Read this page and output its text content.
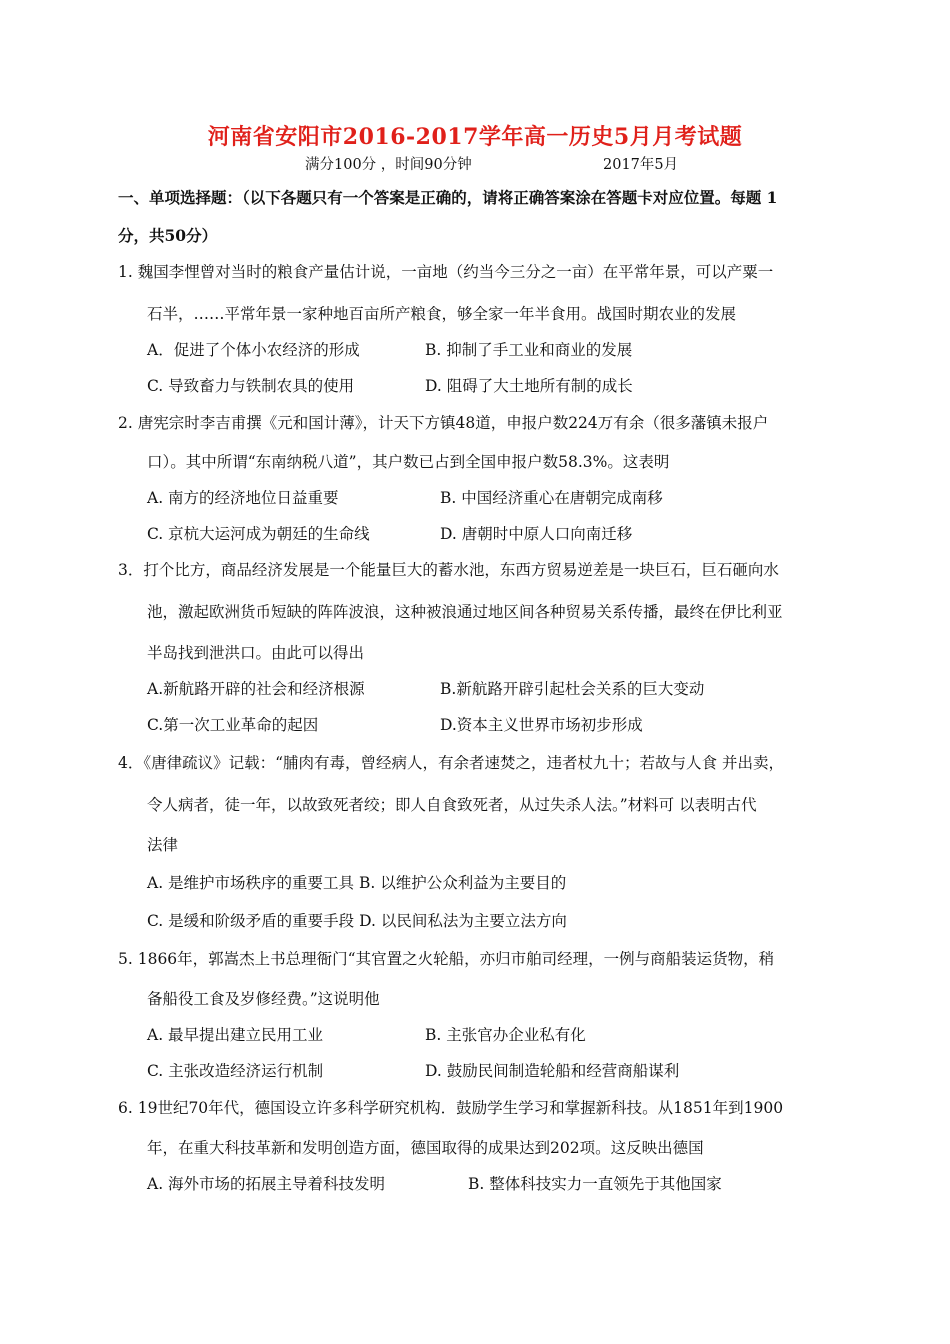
河南省安阳市2016-2017学年高一历史5月月考试题
满分100分 ，时间90分钟	2017年5月
一、单项选择题：（以下各题只有一个答案是正确的，请将正确答案涂在答题卡对应位置。每题 1
分，共50分）
1. 魏国李悝曾对当时的粮食产量估计说，一亩地（约当今三分之一亩）在平常年景，可以产粟一
石半，……平常年景一家种地百亩所产粮食，够全家一年半食用。战国时期农业的发展
A．促进了个体小农经济的形成	B. 抑制了手工业和商业的发展
C. 导致畜力与铁制农具的使用	D. 阻碍了大土地所有制的成长
2. 唐宪宗时李吉甫撰《元和国计薄》，计天下方镇48道，申报户数224万有余（很多藩镇未报户
口）。其中所谓“东南纳税八道”，其户数已占到全国申报户数58.3%。这表明
A. 南方的经济地位日益重要	B. 中国经济重心在唐朝完成南移
C. 京杭大运河成为朝廷的生命线	D. 唐朝时中原人口向南迁移
3．打个比方，商品经济发展是一个能量巨大的蓄水池，东西方贸易逆差是一块巨石，巨石砸向水
池，激起欧洲货币短缺的阵阵波浪，这种被浪通过地区间各种贸易关系传播，最终在伊比利亚
半岛找到泄洪口。由此可以得出
A.新航路开辟的社会和经济根源	B.新航路开辟引起杜会关系的巨大变动
C.第一次工业革命的起因	D.资本主义世界市场初步形成
4．《唐律疏议》记载：“脯肉有毒，曾经病人，有余者速焚之，违者杖九十；若故与人食 并出卖，
令人病者，徒一年，以故致死者绞；即人自食致死者，从过失杀人法。”材料可 以表明古代
法律
A. 是维护市场秩序的重要工具 B. 以维护公众利益为主要目的
C. 是缓和阶级矛盾的重要手段 D. 以民间私法为主要立法方向
5. 1866年，郭嵩杰上书总理衙门“其官置之火轮船，亦归市舶司经理，一例与商船装运货物，稍
备船役工食及岁修经费。”这说明他
A. 最早提出建立民用工业	B. 主张官办企业私有化
C. 主张改造经济运行机制	D. 鼓励民间制造轮船和经营商船谋利
6. 19世纪70年代，德国设立许多科学研究机构．鼓励学生学习和掌握新科技。从1851年到1900
年，在重大科技革新和发明创造方面，德国取得的成果达到202项。这反映出德国
A. 海外市场的拓展主导着科技发明	B. 整体科技实力一直领先于其他国家
